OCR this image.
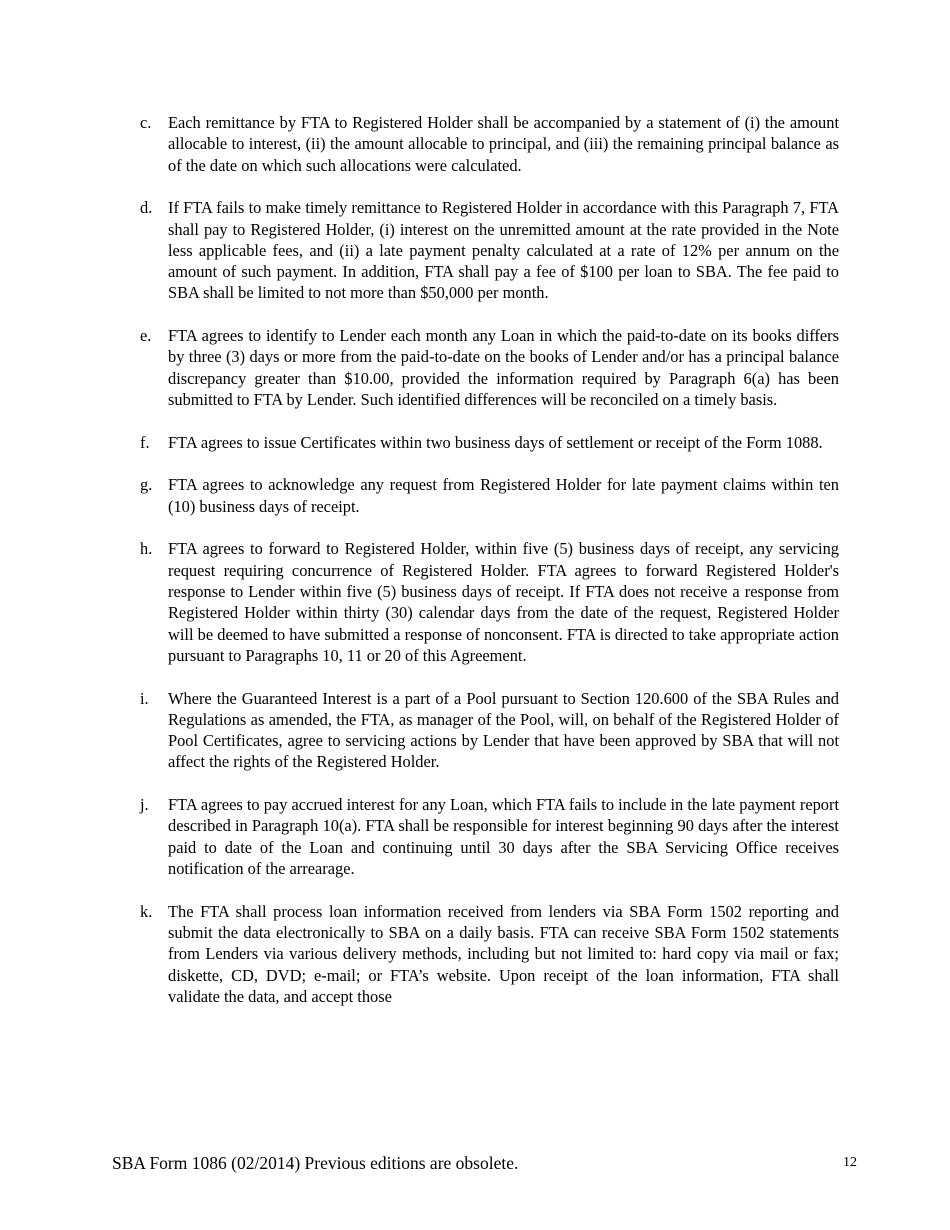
c.	Each remittance by FTA to Registered Holder shall be accompanied by a statement of (i) the amount allocable to interest, (ii) the amount allocable to principal, and (iii) the remaining principal balance as of the date on which such allocations were calculated.
d. If FTA fails to make timely remittance to Registered Holder in accordance with this Paragraph 7, FTA shall pay to Registered Holder, (i) interest on the unremitted amount at the rate provided in the Note less applicable fees, and (ii) a late payment penalty calculated at a rate of 12% per annum on the amount of such payment. In addition, FTA shall pay a fee of $100 per loan to SBA. The fee paid to SBA shall be limited to not more than $50,000 per month.
e.	FTA agrees to identify to Lender each month any Loan in which the paid-to-date on its books differs by three (3) days or more from the paid-to-date on the books of Lender and/or has a principal balance discrepancy greater than $10.00, provided the information required by Paragraph 6(a) has been submitted to FTA by Lender. Such identified differences will be reconciled on a timely basis.
f.	FTA agrees to issue Certificates within two business days of settlement or receipt of the Form 1088.
g. FTA agrees to acknowledge any request from Registered Holder for late payment claims within ten (10) business days of receipt.
h. FTA agrees to forward to Registered Holder, within five (5) business days of receipt, any servicing request requiring concurrence of Registered Holder. FTA agrees to forward Registered Holder's response to Lender within five (5) business days of receipt. If FTA does not receive a response from Registered Holder within thirty (30) calendar days from the date of the request, Registered Holder will be deemed to have submitted a response of nonconsent. FTA is directed to take appropriate action pursuant to Paragraphs 10, 11 or 20 of this Agreement.
i.	Where the Guaranteed Interest is a part of a Pool pursuant to Section 120.600 of the SBA Rules and Regulations as amended, the FTA, as manager of the Pool, will, on behalf of the Registered Holder of Pool Certificates, agree to servicing actions by Lender that have been approved by SBA that will not affect the rights of the Registered Holder.
j.	FTA agrees to pay accrued interest for any Loan, which FTA fails to include in the late payment report described in Paragraph 10(a). FTA shall be responsible for interest beginning 90 days after the interest paid to date of the Loan and continuing until 30 days after the SBA Servicing Office receives notification of the arrearage.
k. The FTA shall process loan information received from lenders via SBA Form 1502 reporting and submit the data electronically to SBA on a daily basis. FTA can receive SBA Form 1502 statements from Lenders via various delivery methods, including but not limited to: hard copy via mail or fax; diskette, CD, DVD; e-mail; or FTA’s website. Upon receipt of the loan information, FTA shall validate the data, and accept those
SBA Form 1086 (02/2014) Previous editions are obsolete.	12
